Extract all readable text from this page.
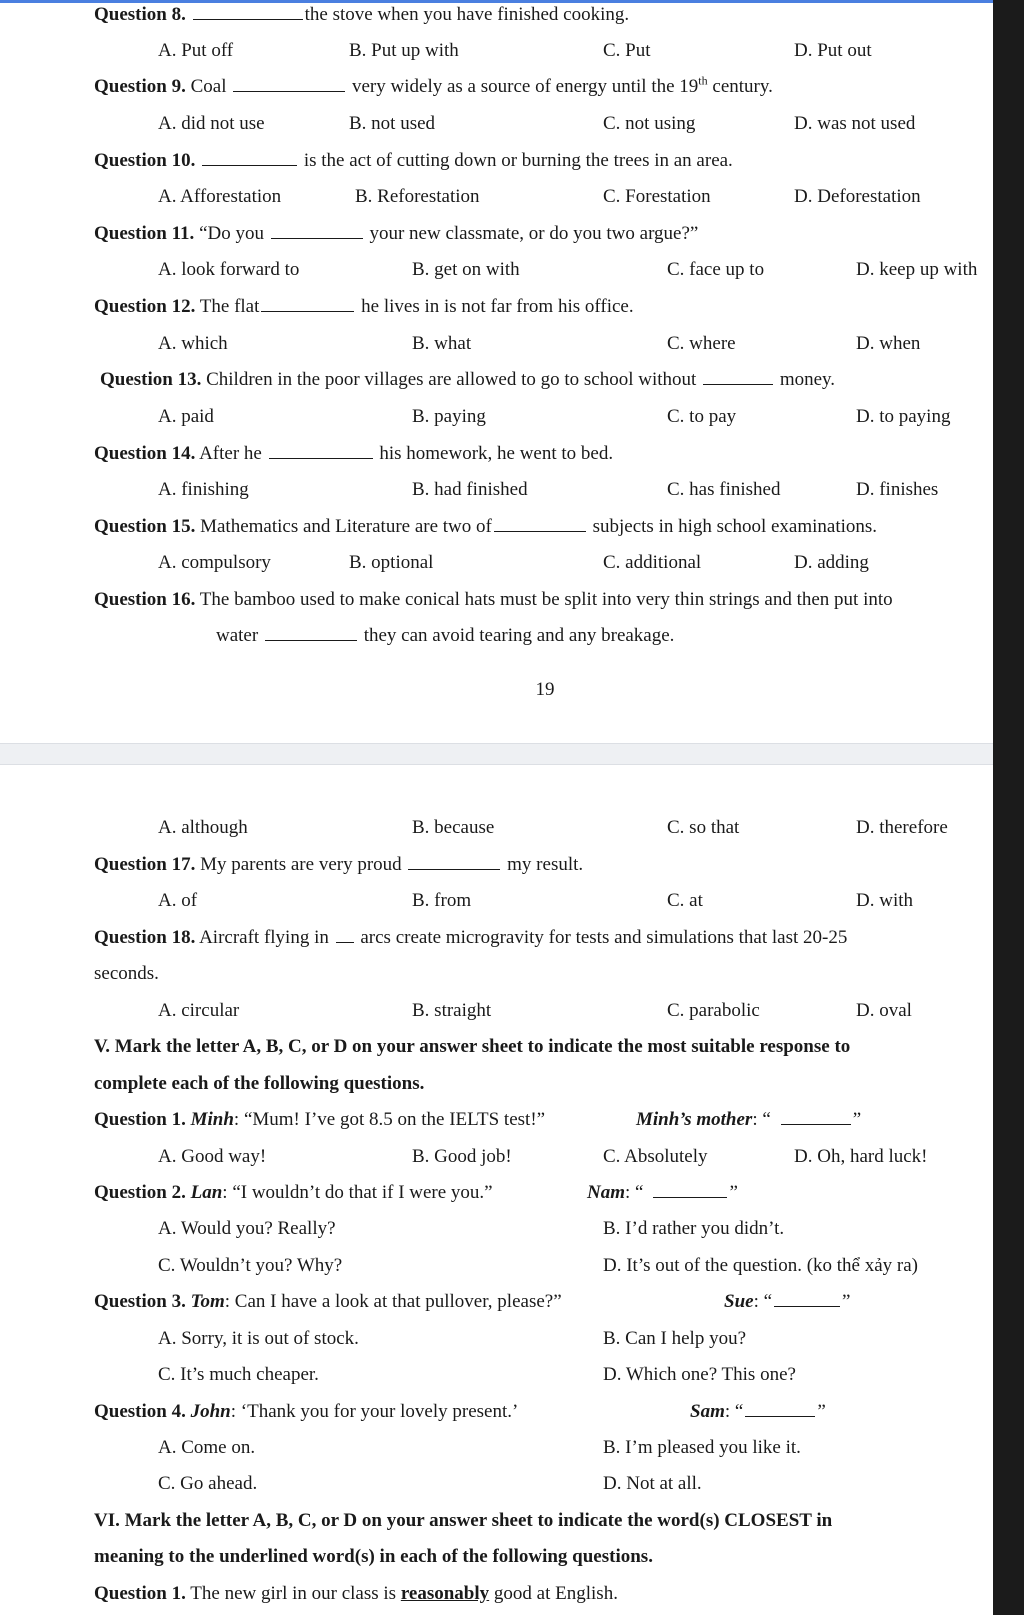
Question 8.	the stove when you have finished cooking.
A. Put off	B. Put up with	C. Put	D. Put out
Question 9. Coal	very widely as a source of energy until the 19th century.
A. did not use	B. not used	C. not using	D. was not used
Question 10.	is the act of cutting down or burning the trees in an area.
A. Afforestation	B. Reforestation	C. Forestation	D. Deforestation
Question 11. “Do you	your new classmate, or do you two argue?”
A. look forward to	B. get on with	C. face up to	D. keep up with
Question 12. The flat	he lives in is not far from his office.
A. which	B. what	C. where	D. when
Question 13. Children in the poor villages are allowed to go to school without	money.
A. paid	B. paying	C. to pay	D. to paying
Question 14. After he	his homework, he went to bed.
A. finishing	B. had finished	C. has finished	D. finishes
Question 15. Mathematics and Literature are two of	subjects in high school examinations.
A. compulsory	B. optional	C. additional	D. adding
Question 16. The bamboo used to make conical hats must be split into very thin strings and then put into
water	they can avoid tearing and any breakage.
19
A. although	B. because	C. so that	D. therefore
Question 17. My parents are very proud	my result.
A. of	B. from	C. at	D. with
Question 18. Aircraft flying in arcs create microgravity for tests and simulations that last 20-25
seconds.
A. circular	B. straight	C. parabolic	D. oval
V. Mark the letter A, B, C, or D on your answer sheet to indicate the most suitable response to
complete each of the following questions.
Question 1. Minh: “Mum! I’ve got 8.5 on the IELTS test!”	Minh’s mother: “	”
A. Good way!	B. Good job!	C. Absolutely	D. Oh, hard luck!
Question 2. Lan: “I wouldn’t do that if I were you.”	Nam: “	”
A. Would you? Really?	B. I’d rather you didn’t.
C. Wouldn’t you? Why?	D. It’s out of the question. (ko thể xảy ra)
Question 3. Tom: Can I have a look at that pullover, please?”	Sue: “	”
A. Sorry, it is out of stock.	B. Can I help you?
C. It’s much cheaper.	D. Which one? This one?
Question 4. John: ‘Thank you for your lovely present.’	Sam: “	”
A. Come on.	B. I’m pleased you like it.
C. Go ahead.	D. Not at all.
VI. Mark the letter A, B, C, or D on your answer sheet to indicate the word(s) CLOSEST in
meaning to the underlined word(s) in each of the following questions.
Question 1. The new girl in our class is reasonably good at English.
